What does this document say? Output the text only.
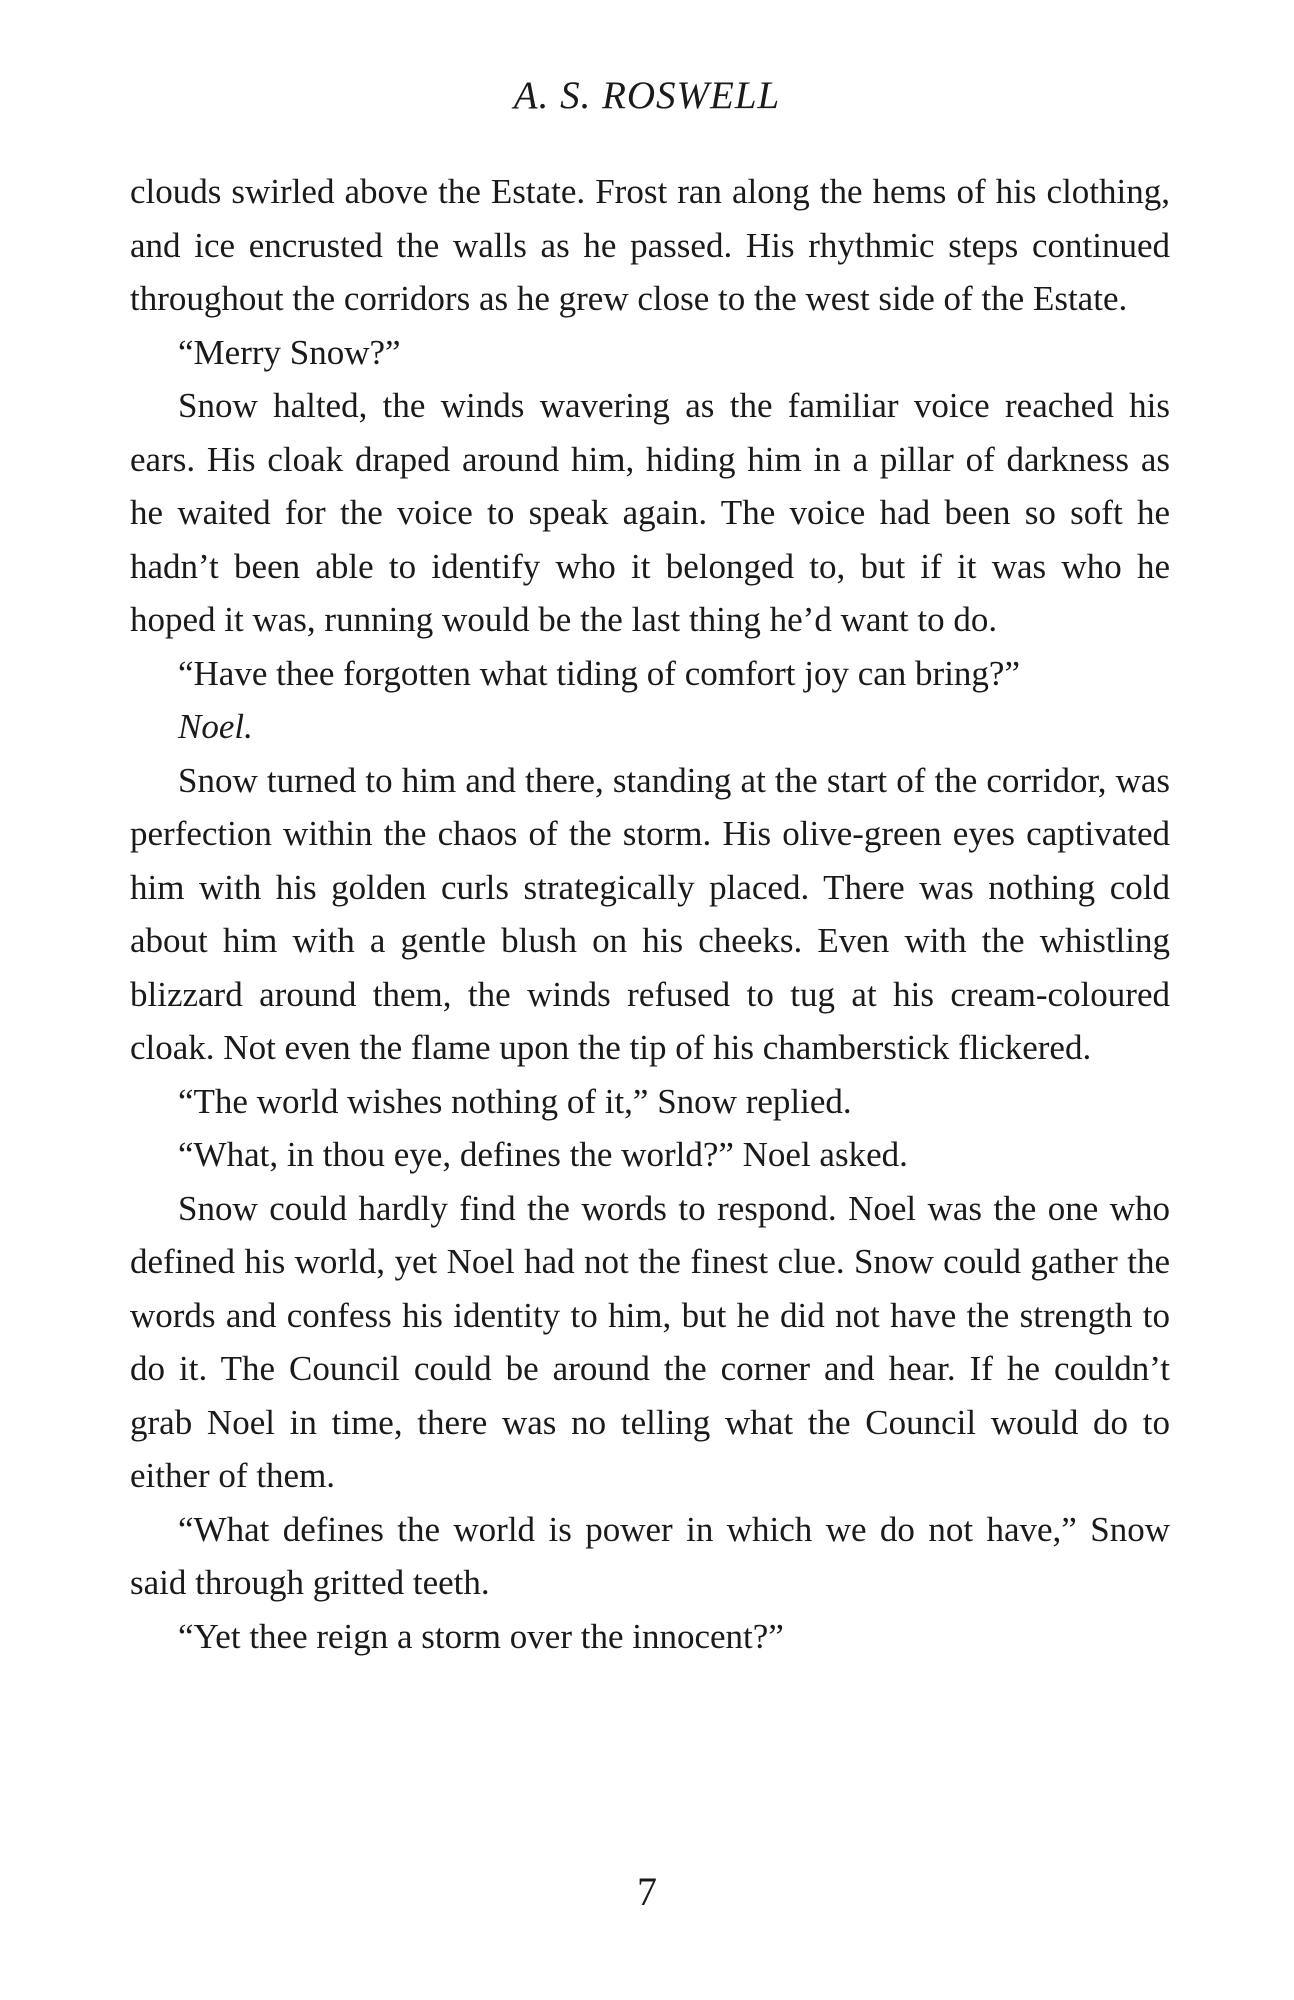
A. S. ROSWELL

clouds swirled above the Estate. Frost ran along the hems of his clothing, and ice encrusted the walls as he passed. His rhythmic steps continued throughout the corridors as he grew close to the west side of the Estate.

“Merry Snow?”

Snow halted, the winds wavering as the familiar voice reached his ears. His cloak draped around him, hiding him in a pillar of darkness as he waited for the voice to speak again. The voice had been so soft he hadn’t been able to identify who it belonged to, but if it was who he hoped it was, running would be the last thing he’d want to do.

“Have thee forgotten what tiding of comfort joy can bring?”

Noel.

Snow turned to him and there, standing at the start of the corridor, was perfection within the chaos of the storm. His olive-green eyes captivated him with his golden curls strategically placed. There was nothing cold about him with a gentle blush on his cheeks. Even with the whistling blizzard around them, the winds refused to tug at his cream-coloured cloak. Not even the flame upon the tip of his chamberstick flickered.

“The world wishes nothing of it,” Snow replied.

“What, in thou eye, defines the world?” Noel asked.

Snow could hardly find the words to respond. Noel was the one who defined his world, yet Noel had not the finest clue. Snow could gather the words and confess his identity to him, but he did not have the strength to do it. The Council could be around the corner and hear. If he couldn’t grab Noel in time, there was no telling what the Council would do to either of them.

“What defines the world is power in which we do not have,” Snow said through gritted teeth.

“Yet thee reign a storm over the innocent?”

7
